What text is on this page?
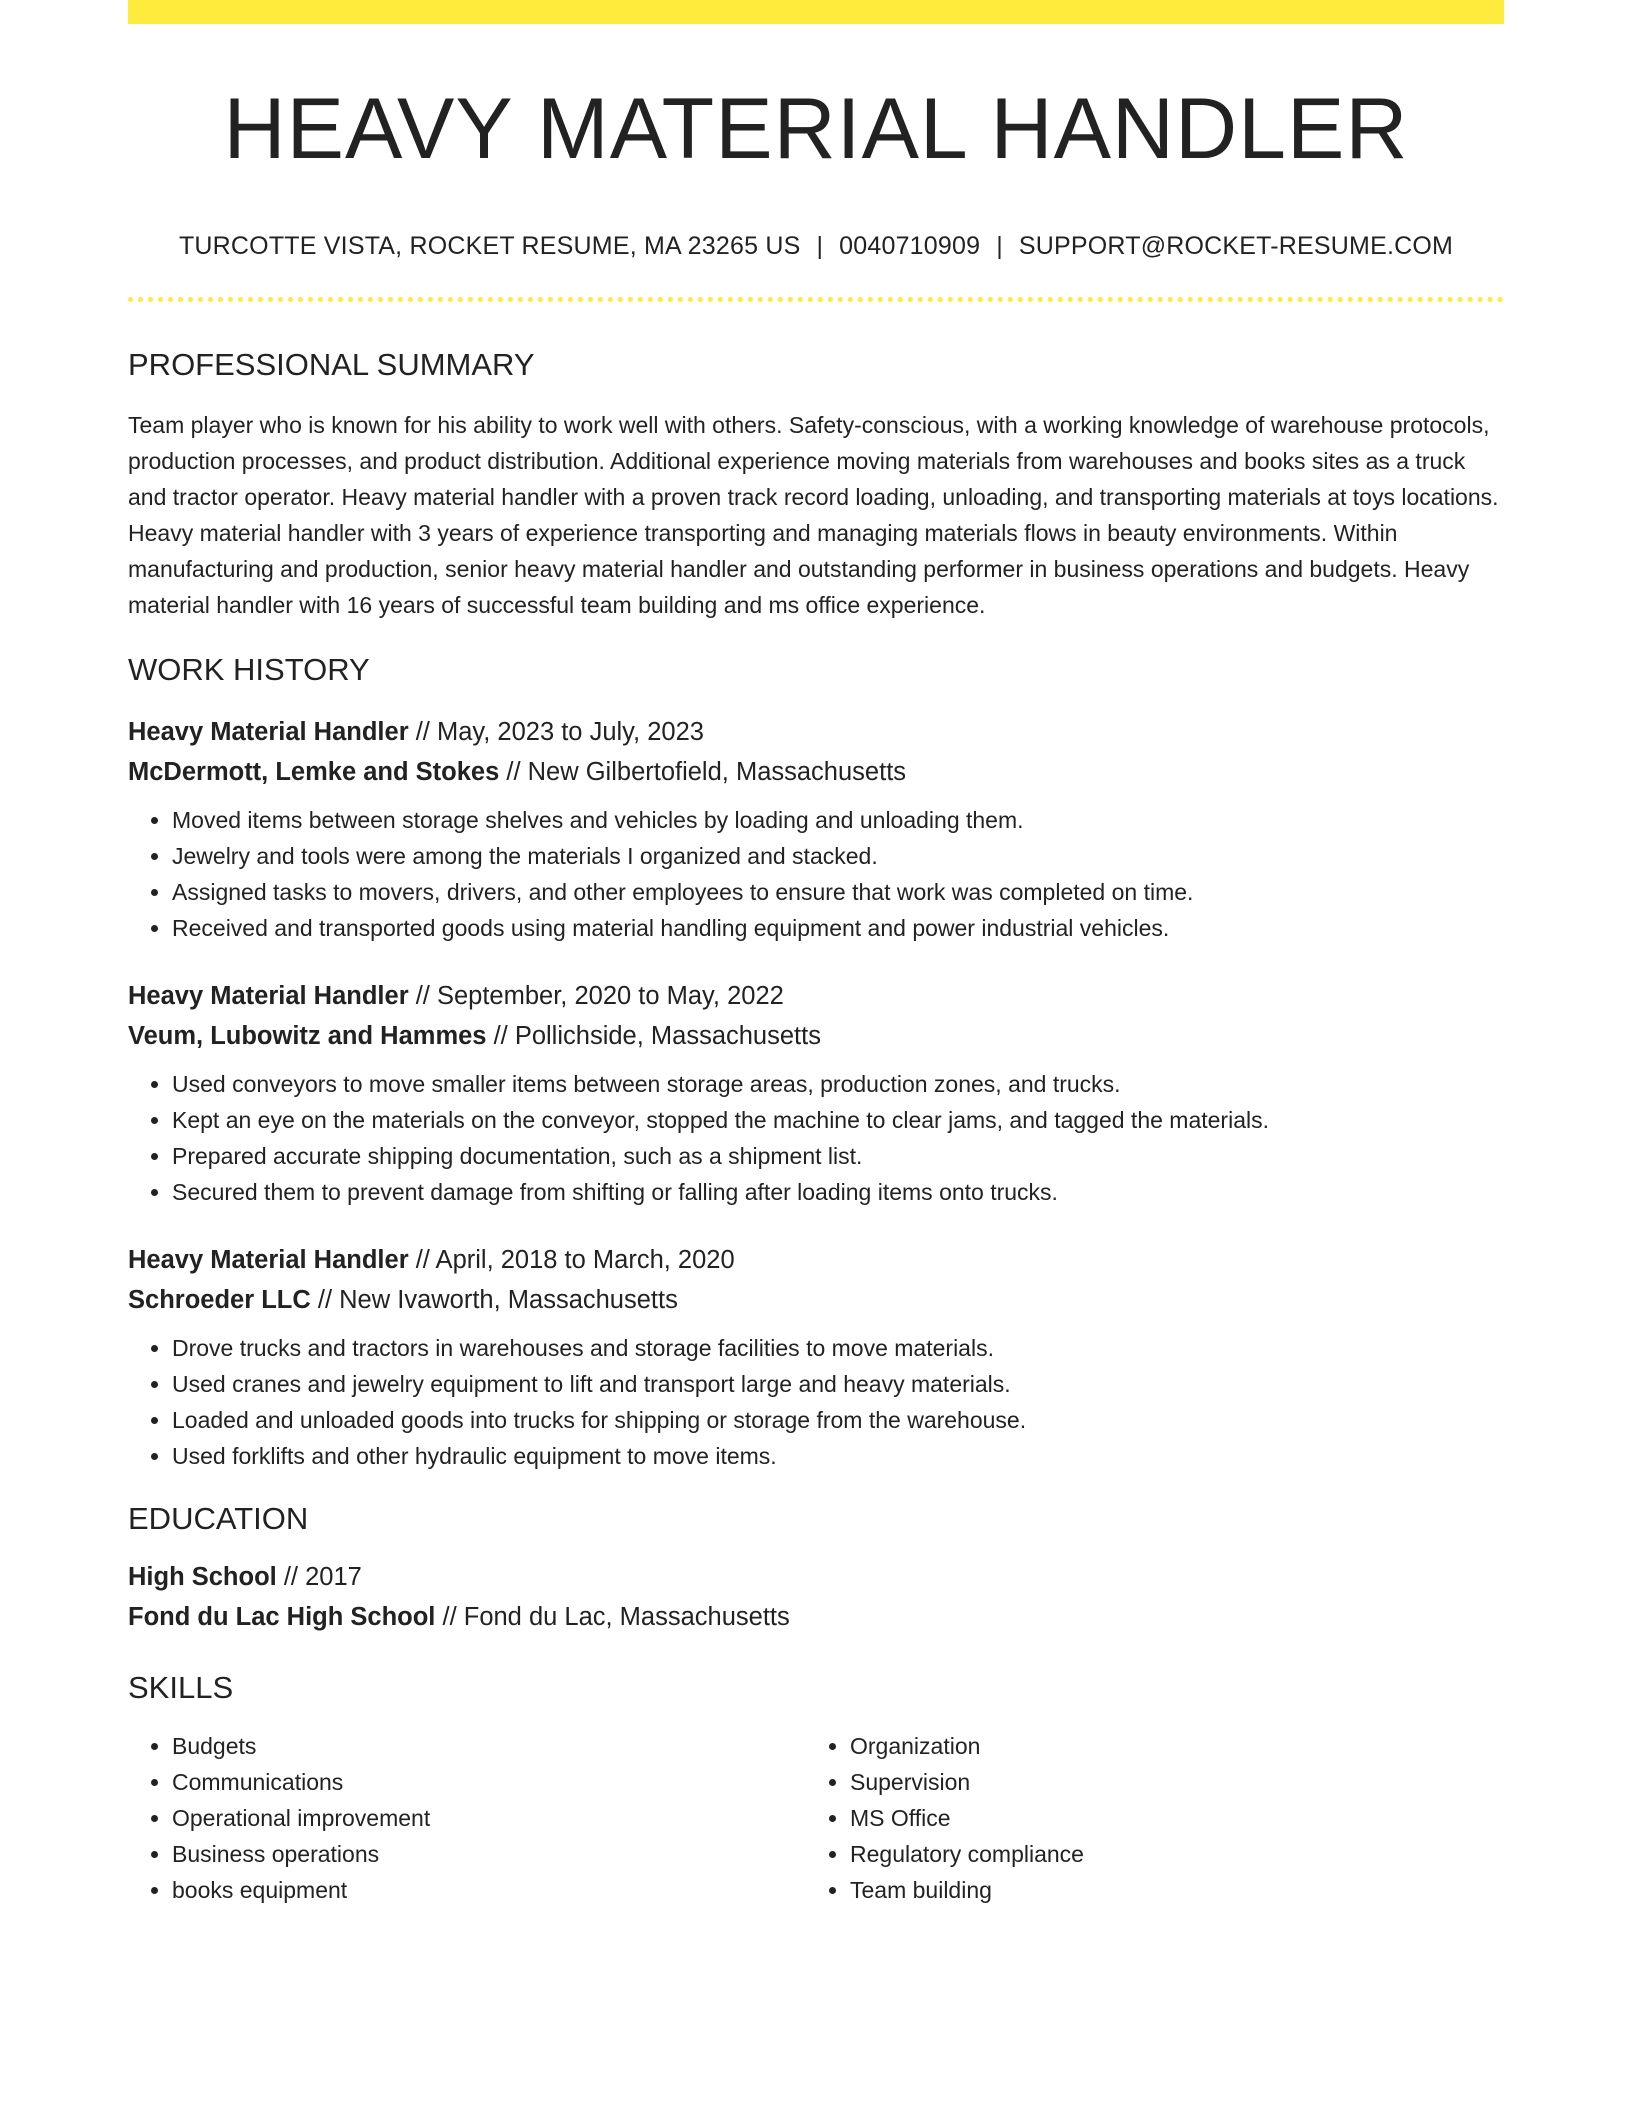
HEAVY MATERIAL HANDLER
TURCOTTE VISTA, ROCKET RESUME, MA 23265 US | 0040710909 | SUPPORT@ROCKET-RESUME.COM
PROFESSIONAL SUMMARY

Team player who is known for his ability to work well with others. Safety-conscious, with a working knowledge of warehouse protocols, production processes, and product distribution. Additional experience moving materials from warehouses and books sites as a truck and tractor operator. Heavy material handler with a proven track record loading, unloading, and transporting materials at toys locations. Heavy material handler with 3 years of experience transporting and managing materials flows in beauty environments. Within manufacturing and production, senior heavy material handler and outstanding performer in business operations and budgets. Heavy material handler with 16 years of successful team building and ms office experience.

WORK HISTORY
Heavy Material Handler // May, 2023 to July, 2023
McDermott, Lemke and Stokes // New Gilbertofield, Massachusetts
• Moved items between storage shelves and vehicles by loading and unloading them.
• Jewelry and tools were among the materials I organized and stacked.
• Assigned tasks to movers, drivers, and other employees to ensure that work was completed on time.
• Received and transported goods using material handling equipment and power industrial vehicles.
Heavy Material Handler // September, 2020 to May, 2022
Veum, Lubowitz and Hammes // Pollichside, Massachusetts
• Used conveyors to move smaller items between storage areas, production zones, and trucks.
• Kept an eye on the materials on the conveyor, stopped the machine to clear jams, and tagged the materials.
• Prepared accurate shipping documentation, such as a shipment list.
• Secured them to prevent damage from shifting or falling after loading items onto trucks.
Heavy Material Handler // April, 2018 to March, 2020
Schroeder LLC // New Ivaworth, Massachusetts
• Drove trucks and tractors in warehouses and storage facilities to move materials.
• Used cranes and jewelry equipment to lift and transport large and heavy materials.
• Loaded and unloaded goods into trucks for shipping or storage from the warehouse.
• Used forklifts and other hydraulic equipment to move items.
EDUCATION
High School // 2017
Fond du Lac High School // Fond du Lac, Massachusetts
SKILLS
• Budgets
• Communications
• Operational improvement
• Business operations
• books equipment
• Organization
• Supervision
• MS Office
• Regulatory compliance
• Team building
